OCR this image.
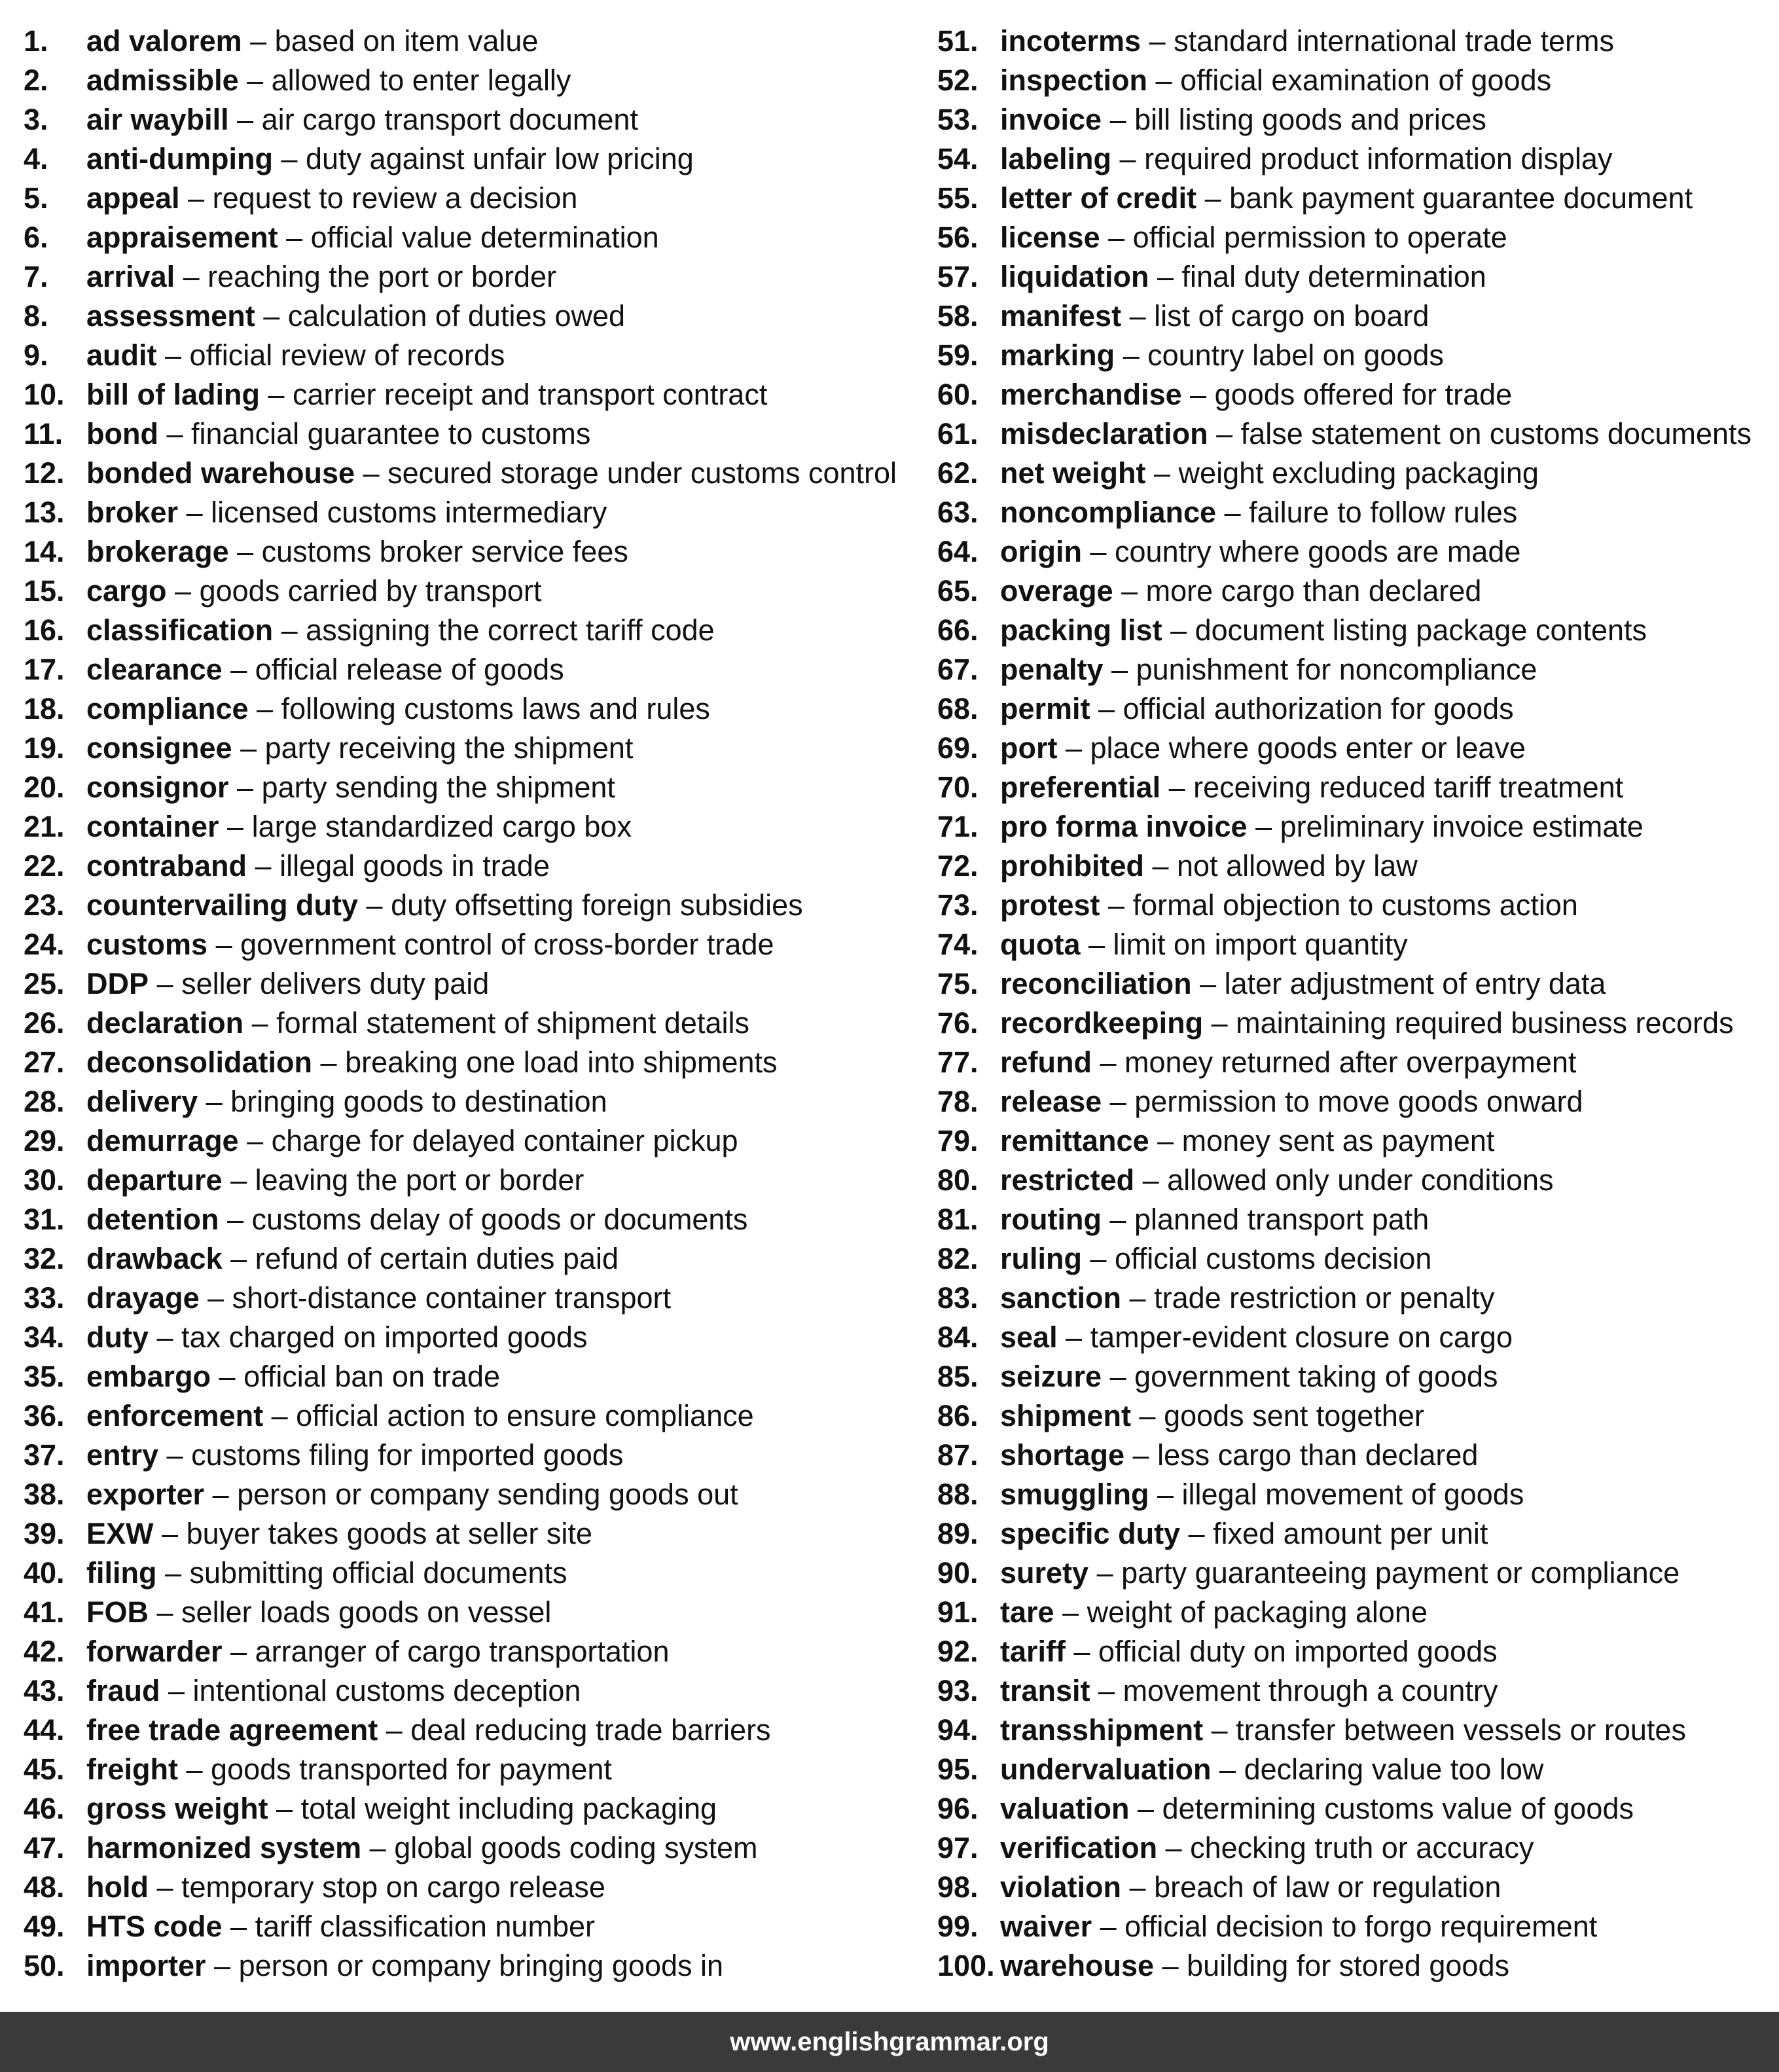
1.	ad valorem – based on item value
2.	admissible – allowed to enter legally
3.	air waybill – air cargo transport document
4.	anti-dumping – duty against unfair low pricing
5.	appeal – request to review a decision
6.	appraisement – official value determination
7.	arrival – reaching the port or border
8.	assessment – calculation of duties owed
9.	audit – official review of records
10. bill of lading – carrier receipt and transport contract
11. bond – financial guarantee to customs
12. bonded warehouse – secured storage under customs control
13. broker – licensed customs intermediary
14. brokerage – customs broker service fees
15. cargo – goods carried by transport
16. classification – assigning the correct tariff code
17. clearance – official release of goods
18. compliance – following customs laws and rules
19. consignee – party receiving the shipment
20. consignor – party sending the shipment
21. container – large standardized cargo box
22. contraband – illegal goods in trade
23. countervailing duty – duty offsetting foreign subsidies
24. customs – government control of cross-border trade
25. DDP – seller delivers duty paid
26. declaration – formal statement of shipment details
27. deconsolidation – breaking one load into shipments
28. delivery – bringing goods to destination
29. demurrage – charge for delayed container pickup
30. departure – leaving the port or border
31. detention – customs delay of goods or documents
32. drawback – refund of certain duties paid
33. drayage – short-distance container transport
34. duty – tax charged on imported goods
35. embargo – official ban on trade
36. enforcement – official action to ensure compliance
37. entry – customs filing for imported goods
38. exporter – person or company sending goods out
39. EXW – buyer takes goods at seller site
40. filing – submitting official documents
41. FOB – seller loads goods on vessel
42. forwarder – arranger of cargo transportation
43. fraud – intentional customs deception
44. free trade agreement – deal reducing trade barriers
45. freight – goods transported for payment
46. gross weight – total weight including packaging
47. harmonized system – global goods coding system
48. hold – temporary stop on cargo release
49. HTS code – tariff classification number
50. importer – person or company bringing goods in
51. incoterms – standard international trade terms
52. inspection – official examination of goods
53. invoice – bill listing goods and prices
54. labeling – required product information display
55. letter of credit – bank payment guarantee document
56. license – official permission to operate
57. liquidation – final duty determination
58. manifest – list of cargo on board
59. marking – country label on goods
60. merchandise – goods offered for trade
61. misdeclaration – false statement on customs documents
62. net weight – weight excluding packaging
63. noncompliance – failure to follow rules
64. origin – country where goods are made
65. overage – more cargo than declared
66. packing list – document listing package contents
67. penalty – punishment for noncompliance
68. permit – official authorization for goods
69. port – place where goods enter or leave
70. preferential – receiving reduced tariff treatment
71. pro forma invoice – preliminary invoice estimate
72. prohibited – not allowed by law
73. protest – formal objection to customs action
74. quota – limit on import quantity
75. reconciliation – later adjustment of entry data
76. recordkeeping – maintaining required business records
77. refund – money returned after overpayment
78. release – permission to move goods onward
79. remittance – money sent as payment
80. restricted – allowed only under conditions
81. routing – planned transport path
82. ruling – official customs decision
83. sanction – trade restriction or penalty
84. seal – tamper-evident closure on cargo
85. seizure – government taking of goods
86. shipment – goods sent together
87. shortage – less cargo than declared
88. smuggling – illegal movement of goods
89. specific duty – fixed amount per unit
90. surety – party guaranteeing payment or compliance
91. tare – weight of packaging alone
92. tariff – official duty on imported goods
93. transit – movement through a country
94. transshipment – transfer between vessels or routes
95. undervaluation – declaring value too low
96. valuation – determining customs value of goods
97. verification – checking truth or accuracy
98. violation – breach of law or regulation
99. waiver – official decision to forgo requirement
100. warehouse – building for stored goods
www.englishgrammar.org
